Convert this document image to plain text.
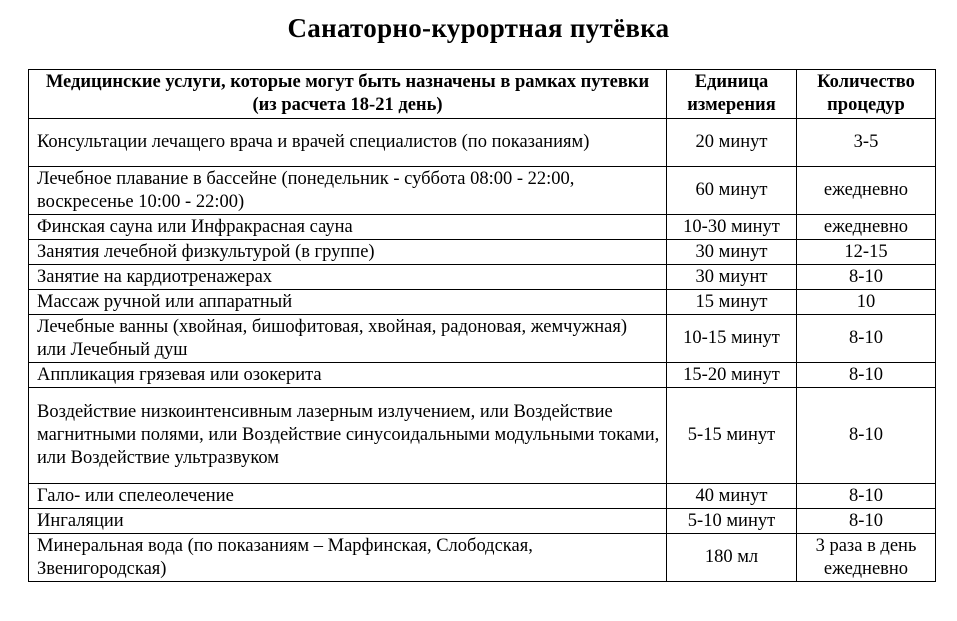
Санаторно-курортная путёвка
Медицинские услуги, которые могут быть назначены в рамках путевки (из расчета 18-21 день)	Единица измерения	Количество процедур
Консультации лечащего врача и врачей специалистов (по показаниям)	20 минут	3-5
Лечебное плавание в бассейне (понедельник - суббота 08:00 - 22:00, воскресенье 10:00 - 22:00)	60 минут	ежедневно
Финская сауна или Инфракрасная сауна	10-30 минут	ежедневно
Занятия лечебной физкультурой (в группе)	30 минут	12-15
Занятие на кардиотренажерах	30 миунт	8-10
Массаж ручной или аппаратный	15 минут	10
Лечебные ванны (хвойная, бишофитовая, хвойная, радоновая, жемчужная) или Лечебный душ	10-15 минут	8-10
Аппликация грязевая или озокерита	15-20 минут	8-10
Воздействие низкоинтенсивным лазерным излучением, или Воздействие магнитными полями, или Воздействие синусоидальными модульными токами, или Воздействие ультразвуком	5-15 минут	8-10
Гало- или спелеолечение	40 минут	8-10
Ингаляции	5-10 минут	8-10
Минеральная вода (по показаниям – Марфинская, Слободская, Звенигородская)	180 мл	3 раза в день ежедневно
